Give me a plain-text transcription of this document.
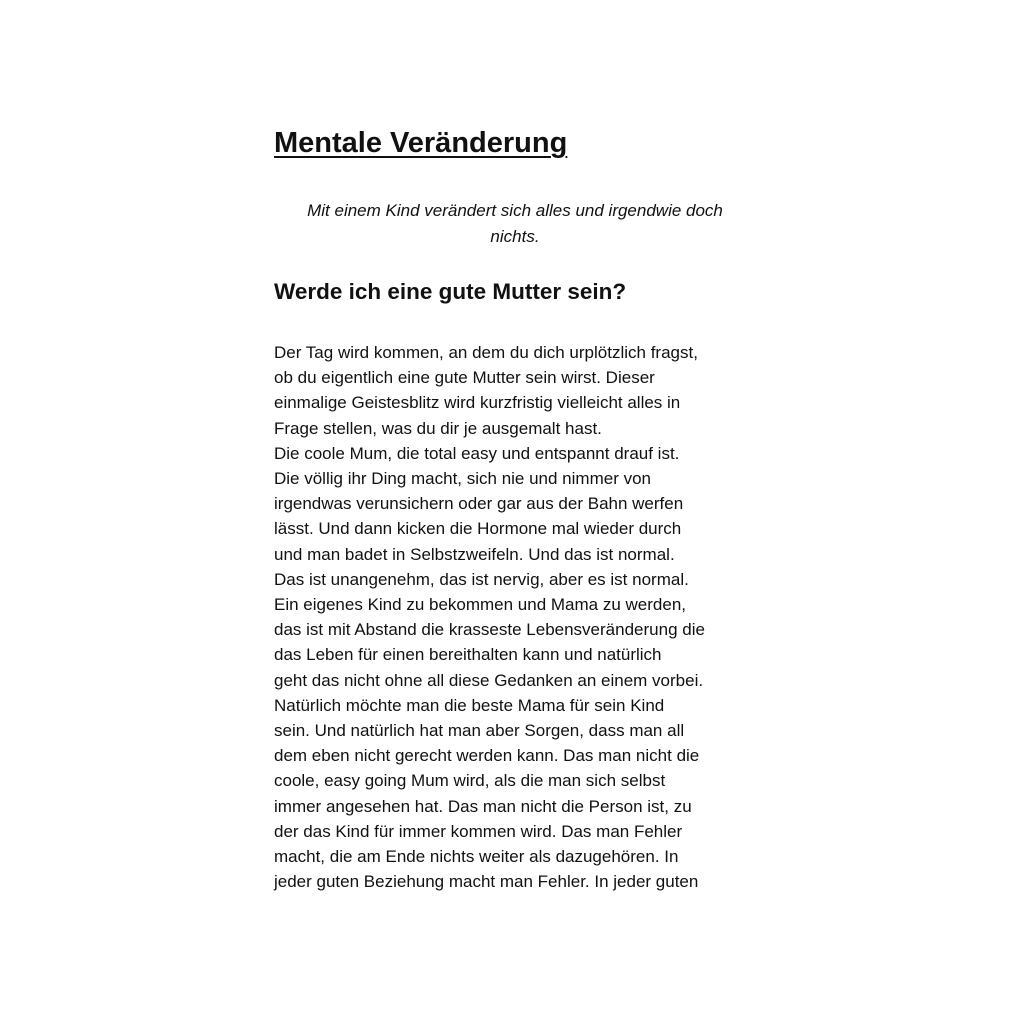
Mentale Veränderung

Mit einem Kind verändert sich alles und irgendwie doch
nichts.

Werde ich eine gute Mutter sein?
Der Tag wird kommen, an dem du dich urplötzlich fragst,
ob du eigentlich eine gute Mutter sein wirst. Dieser
einmalige Geistesblitz wird kurzfristig vielleicht alles in
Frage stellen, was du dir je ausgemalt hast.
Die coole Mum, die total easy und entspannt drauf ist.
Die völlig ihr Ding macht, sich nie und nimmer von
irgendwas verunsichern oder gar aus der Bahn werfen
lässt. Und dann kicken die Hormone mal wieder durch
und man badet in Selbstzweifeln. Und das ist normal.
Das ist unangenehm, das ist nervig, aber es ist normal.
Ein eigenes Kind zu bekommen und Mama zu werden,
das ist mit Abstand die krasseste Lebensveränderung die
das Leben für einen bereithalten kann und natürlich
geht das nicht ohne all diese Gedanken an einem vorbei.
Natürlich möchte man die beste Mama für sein Kind
sein. Und natürlich hat man aber Sorgen, dass man all
dem eben nicht gerecht werden kann. Das man nicht die
coole, easy going Mum wird, als die man sich selbst
immer angesehen hat. Das man nicht die Person ist, zu
der das Kind für immer kommen wird. Das man Fehler
macht, die am Ende nichts weiter als dazugehören. In
jeder guten Beziehung macht man Fehler. In jeder guten
